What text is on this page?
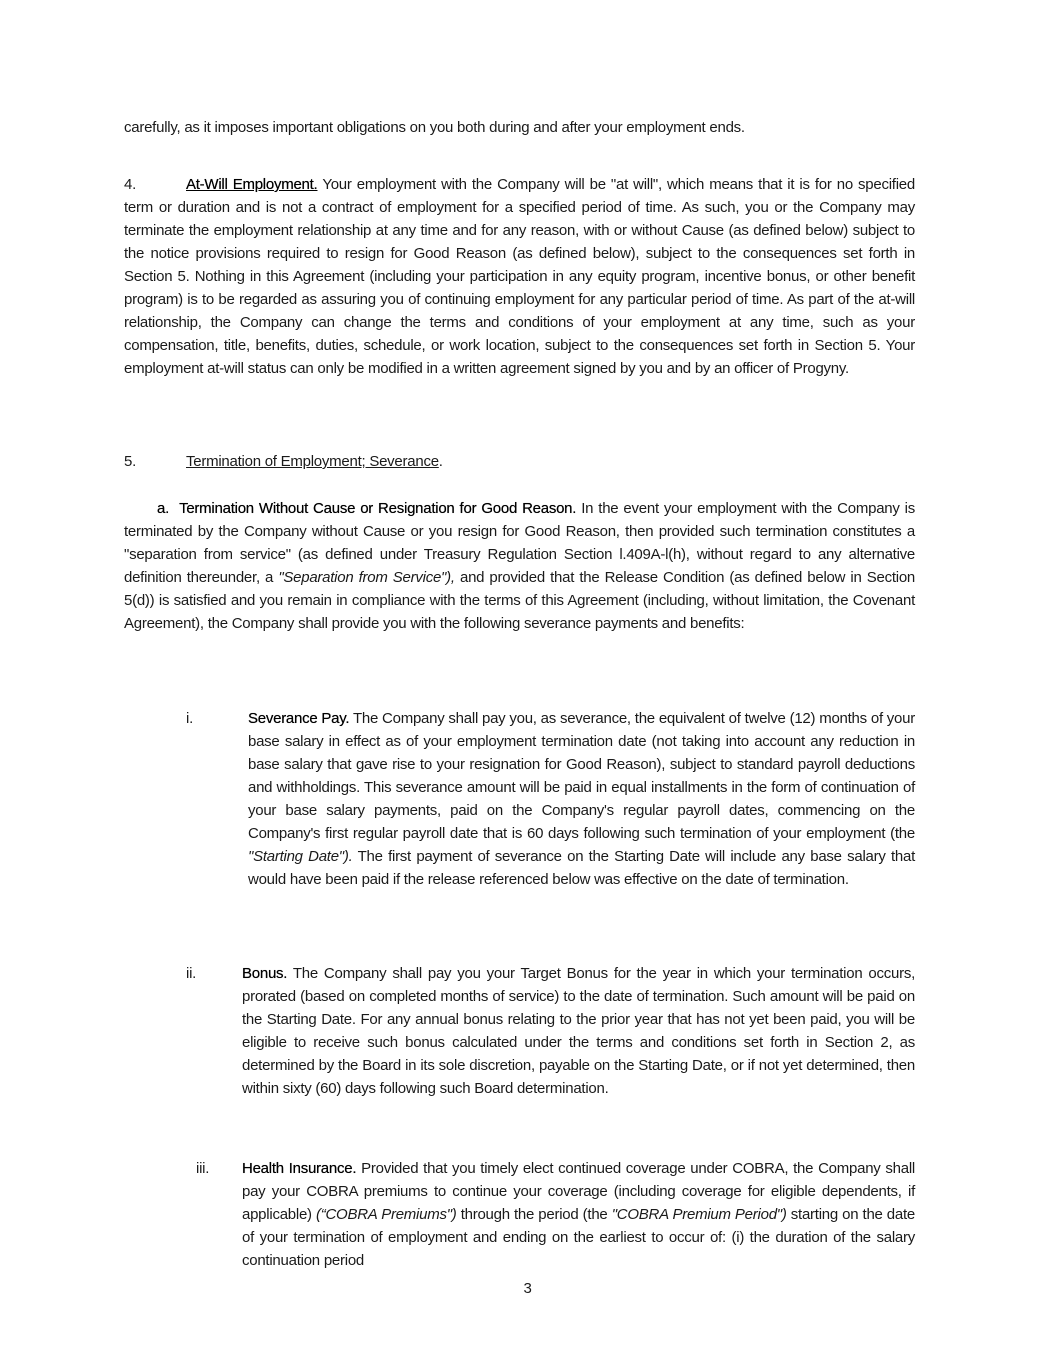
carefully, as it imposes important obligations on you both during and after your employment ends.
4.	At-Will Employment. Your employment with the Company will be "at will", which means that it is for no specified term or duration and is not a contract of employment for a specified period of time. As such, you or the Company may terminate the employment relationship at any time and for any reason, with or without Cause (as defined below) subject to the notice provisions required to resign for Good Reason (as defined below), subject to the consequences set forth in Section 5. Nothing in this Agreement (including your participation in any equity program, incentive bonus, or other benefit program) is to be regarded as assuring you of continuing employment for any particular period of time. As part of the at-will relationship, the Company can change the terms and conditions of your employment at any time, such as your compensation, title, benefits, duties, schedule, or work location, subject to the consequences set forth in Section 5. Your employment at-will status can only be modified in a written agreement signed by you and by an officer of Progyny.
5.	Termination of Employment; Severance.
a. Termination Without Cause or Resignation for Good Reason. In the event your employment with the Company is terminated by the Company without Cause or you resign for Good Reason, then provided such termination constitutes a "separation from service" (as defined under Treasury Regulation Section l.409A-l(h), without regard to any alternative definition thereunder, a "Separation from Service"), and provided that the Release Condition (as defined below in Section 5(d)) is satisfied and you remain in compliance with the terms of this Agreement (including, without limitation, the Covenant Agreement), the Company shall provide you with the following severance payments and benefits:
i.	Severance Pay. The Company shall pay you, as severance, the equivalent of twelve (12) months of your base salary in effect as of your employment termination date (not taking into account any reduction in base salary that gave rise to your resignation for Good Reason), subject to standard payroll deductions and withholdings. This severance amount will be paid in equal installments in the form of continuation of your base salary payments, paid on the Company's regular payroll dates, commencing on the Company's first regular payroll date that is 60 days following such termination of your employment (the "Starting Date"). The first payment of severance on the Starting Date will include any base salary that would have been paid if the release referenced below was effective on the date of termination.
ii.	Bonus. The Company shall pay you your Target Bonus for the year in which your termination occurs, prorated (based on completed months of service) to the date of termination. Such amount will be paid on the Starting Date. For any annual bonus relating to the prior year that has not yet been paid, you will be eligible to receive such bonus calculated under the terms and conditions set forth in Section 2, as determined by the Board in its sole discretion, payable on the Starting Date, or if not yet determined, then within sixty (60) days following such Board determination.
iii. Health Insurance. Provided that you timely elect continued coverage under COBRA, the Company shall pay your COBRA premiums to continue your coverage (including coverage for eligible dependents, if applicable) (“COBRA Premiums") through the period (the "COBRA Premium Period") starting on the date of your termination of employment and ending on the earliest to occur of: (i) the duration of the salary continuation period
3
